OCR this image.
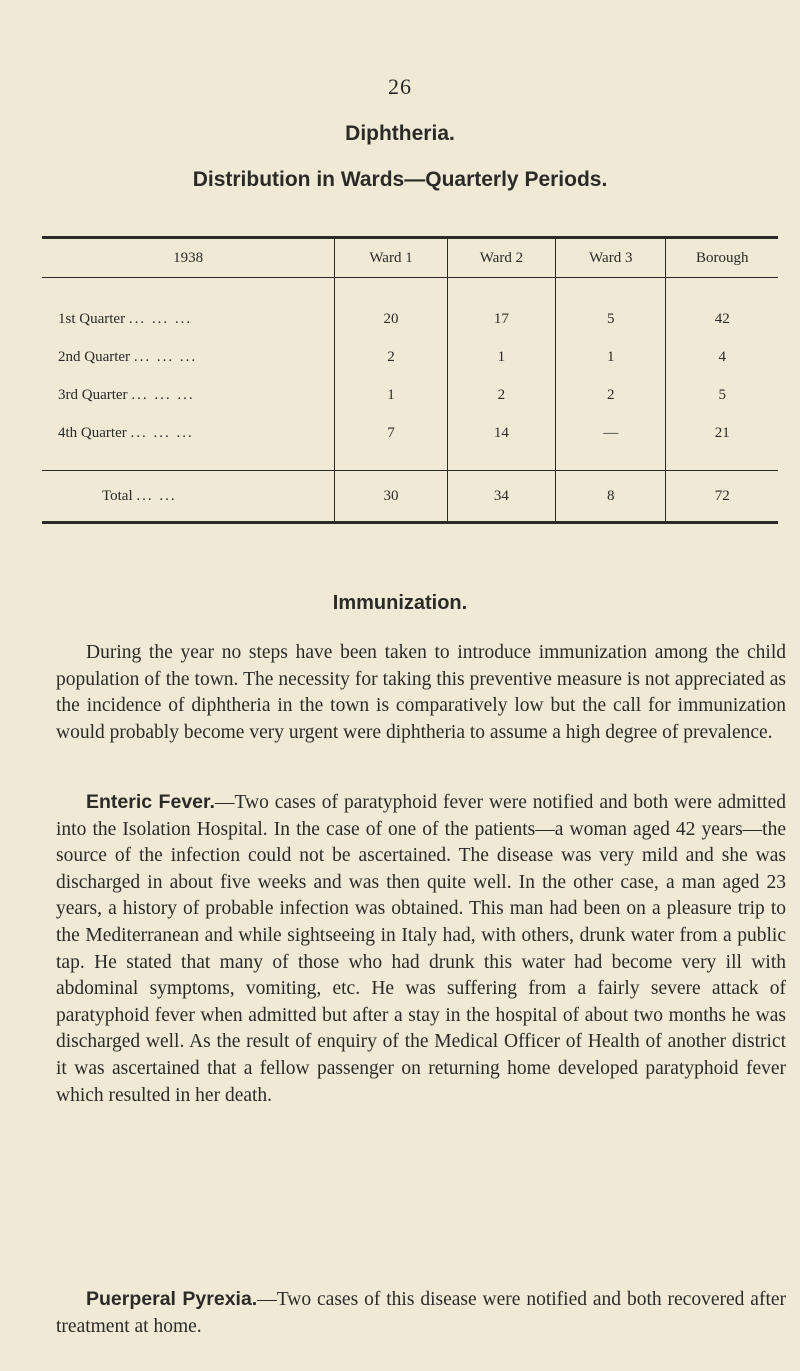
26
Diphtheria.
Distribution in Wards—Quarterly Periods.
1938	Ward 1	Ward 2	Ward 3	Borough

1st Quarter ... ... ...	20	17	5	42
2nd Quarter ... ... ...	2	1	1	4
3rd Quarter ... ... ...	1	2	2	5
4th Quarter ... ... ...	7	14	—	21

Total ... ...	30	34	8	72
Immunization.

During the year no steps have been taken to introduce immunization among the child population of the town. The necessity for taking this preventive measure is not appreciated as the incidence of diphtheria in the town is comparatively low but the call for immunization would probably become very urgent were diphtheria to assume a high degree of prevalence.

Enteric Fever.—Two cases of paratyphoid fever were notified and both were admitted into the Isolation Hospital. In the case of one of the patients—a woman aged 42 years—the source of the infection could not be ascertained. The disease was very mild and she was discharged in about five weeks and was then quite well. In the other case, a man aged 23 years, a history of probable infection was obtained. This man had been on a pleasure trip to the Mediterranean and while sightseeing in Italy had, with others, drunk water from a public tap. He stated that many of those who had drunk this water had become very ill with abdominal symptoms, vomiting, etc. He was suffering from a fairly severe attack of paratyphoid fever when admitted but after a stay in the hospital of about two months he was discharged well. As the result of enquiry of the Medical Officer of Health of another district it was ascertained that a fellow passenger on returning home developed paratyphoid fever which resulted in her death.

Puerperal Pyrexia.—Two cases of this disease were notified and both recovered after treatment at home.
